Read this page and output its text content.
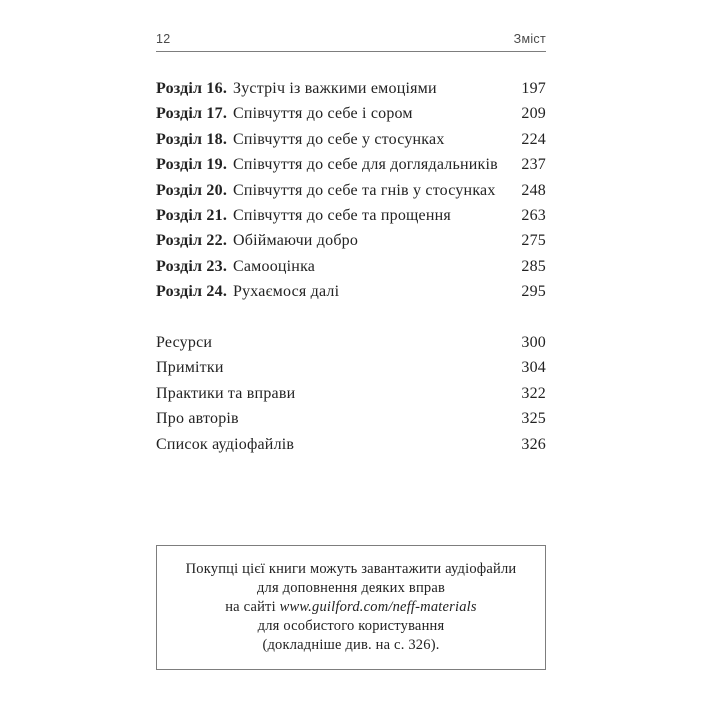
12	Зміст
Розділ 16. Зустріч із важкими емоціями	197
Розділ 17. Співчуття до себе і сором	209
Розділ 18. Співчуття до себе у стосунках	224
Розділ 19. Співчуття до себе для доглядальників	237
Розділ 20. Співчуття до себе та гнів у стосунках	248
Розділ 21. Співчуття до себе та прощення	263
Розділ 22. Обіймаючи добро	275
Розділ 23. Самооцінка	285
Розділ 24. Рухаємося далі	295
Ресурси	300
Примітки	304
Практики та вправи	322
Про авторів	325
Список аудіофайлів	326
Покупці цієї книги можуть завантажити аудіофайли
для доповнення деяких вправ
на сайті www.guilford.com/neff-materials
для особистого користування
(докладніше див. на с. 326).
